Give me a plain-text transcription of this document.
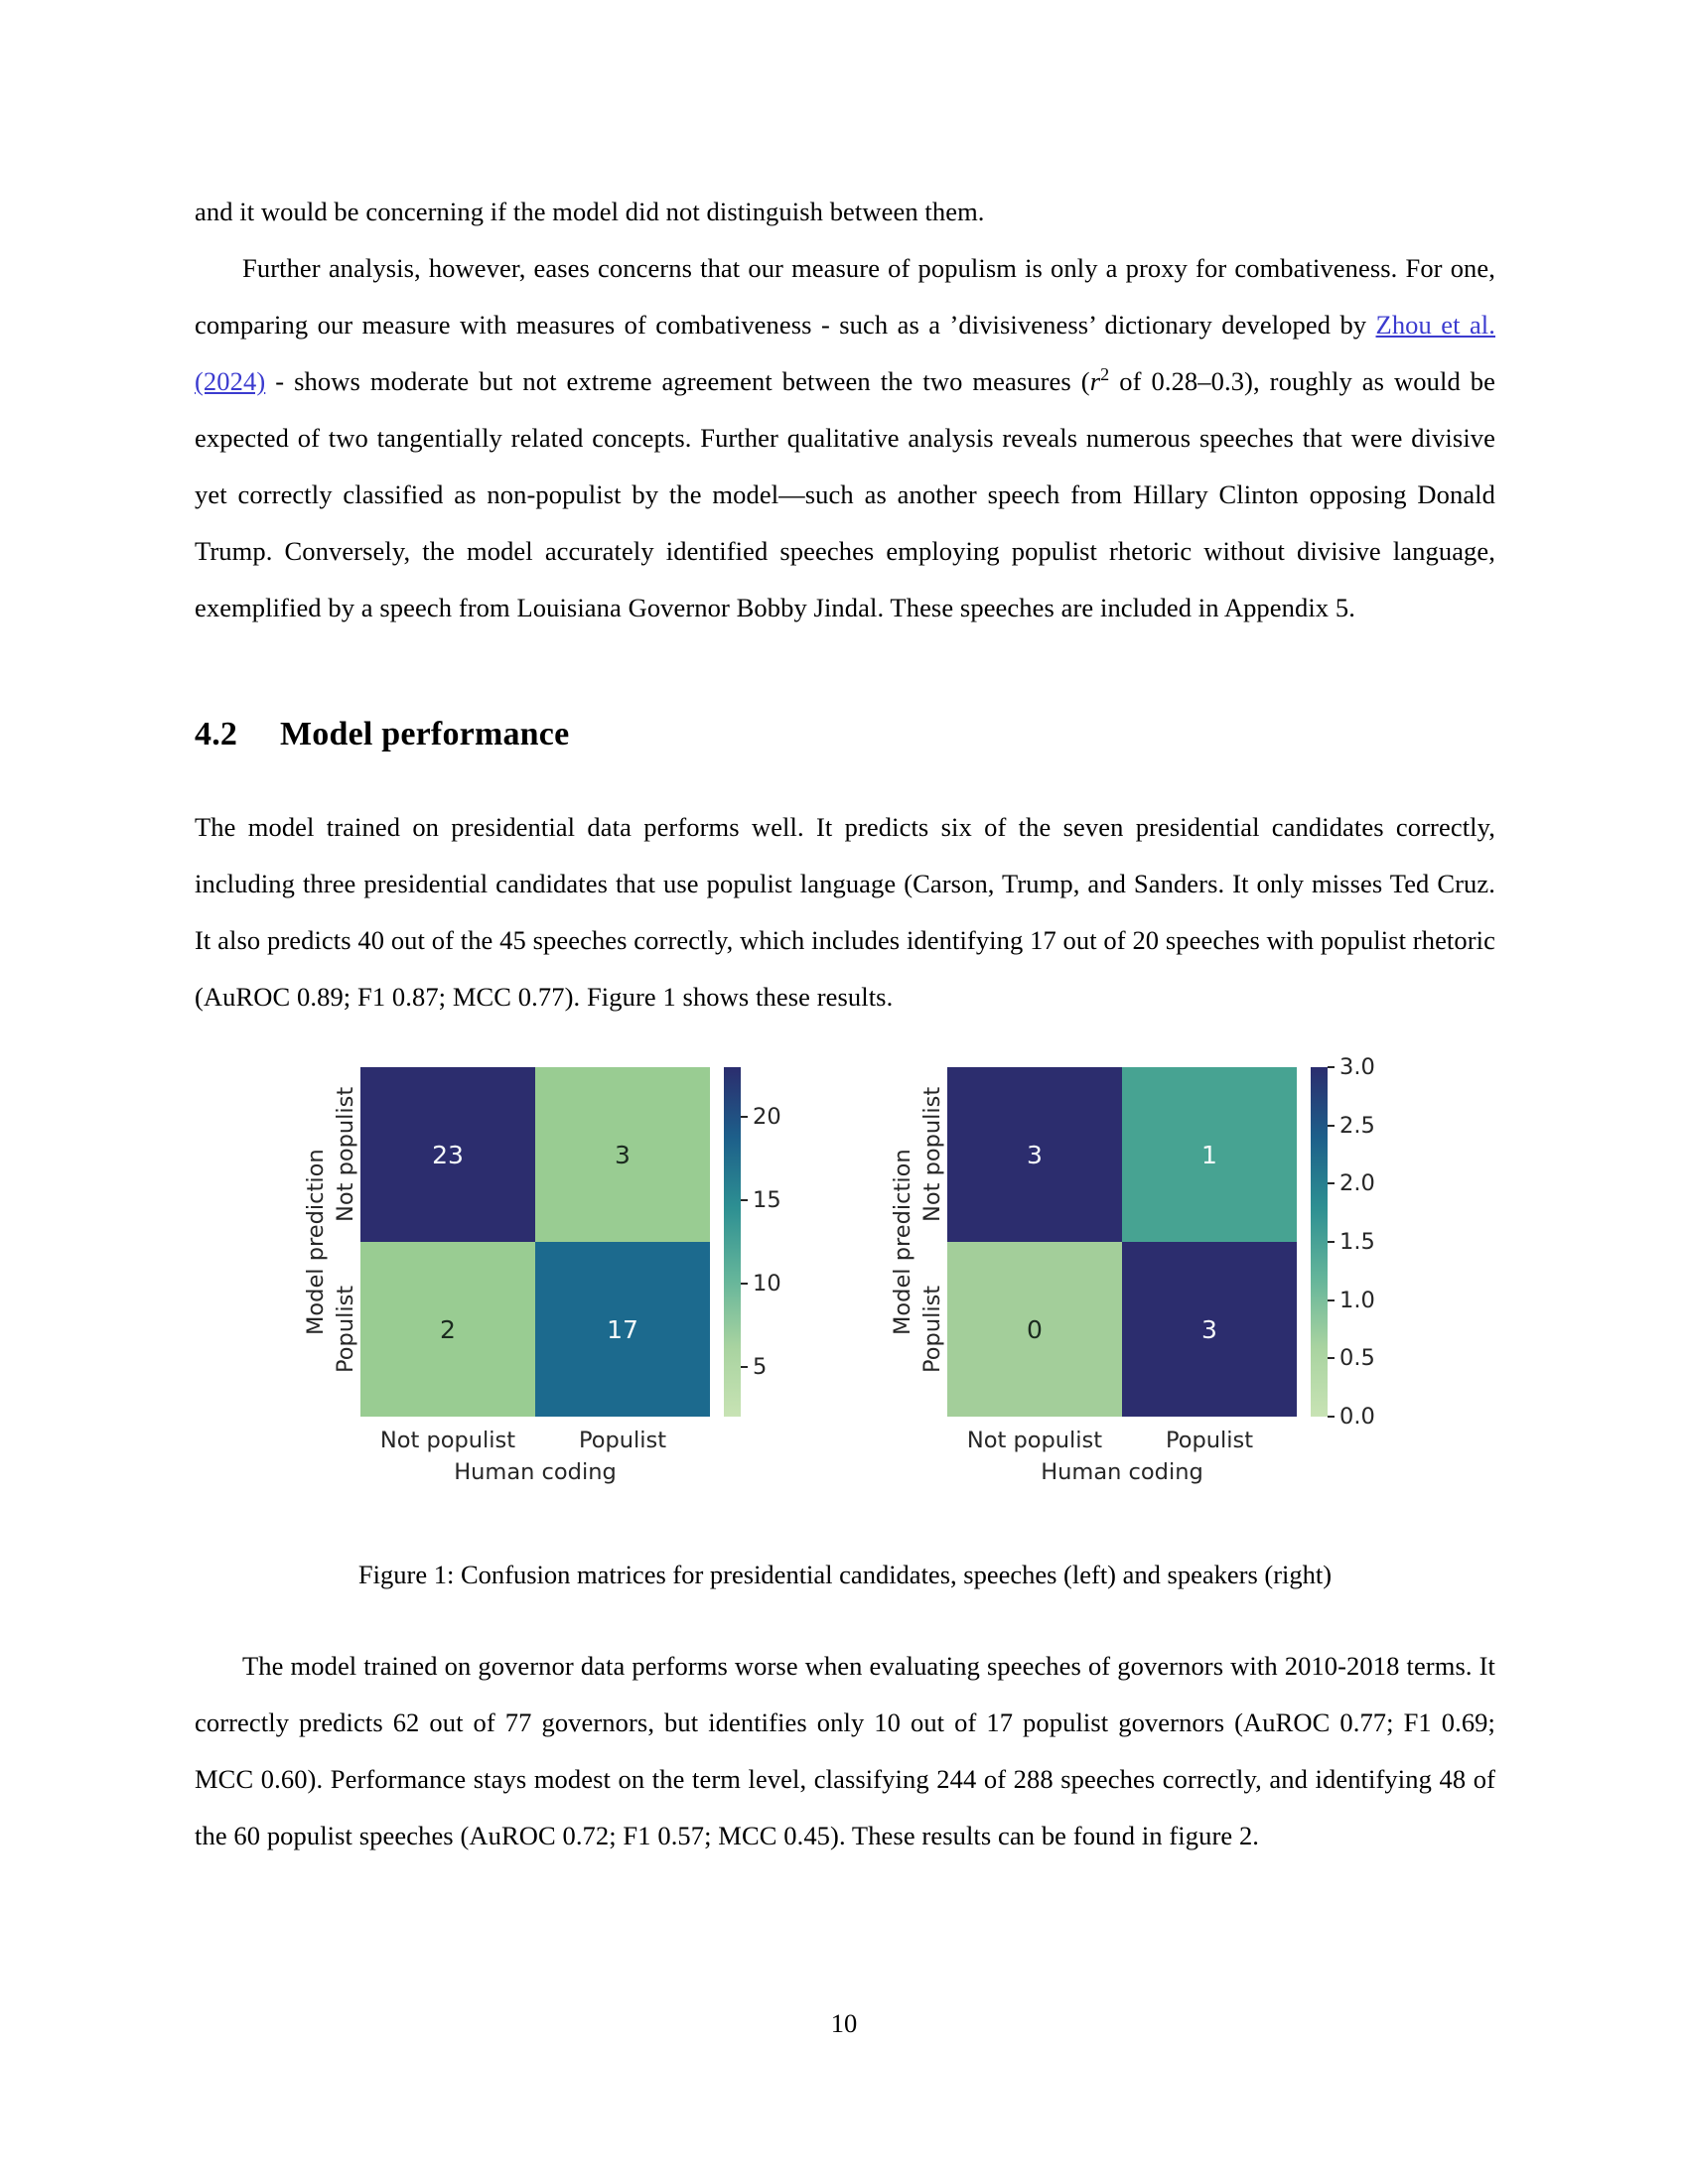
and it would be concerning if the model did not distinguish between them.

Further analysis, however, eases concerns that our measure of populism is only a proxy for combativeness. For one, comparing our measure with measures of combativeness - such as a ’divisiveness’ dictionary developed by Zhou et al. (2024) - shows moderate but not extreme agreement between the two measures ($r^2$ of 0.28–0.3), roughly as would be expected of two tangentially related concepts. Further qualitative analysis reveals numerous speeches that were divisive yet correctly classified as non-populist by the model—such as another speech from Hillary Clinton opposing Donald Trump. Conversely, the model accurately identified speeches employing populist rhetoric without divisive language, exemplified by a speech from Louisiana Governor Bobby Jindal. These speeches are included in Appendix 5.

4.2 Model performance

The model trained on presidential data performs well. It predicts six of the seven presidential candidates correctly, including three presidential candidates that use populist language (Carson, Trump, and Sanders. It only misses Ted Cruz. It also predicts 40 out of the 45 speeches correctly, which includes identifying 17 out of 20 speeches with populist rhetoric (AuROC 0.89; F1 0.87; MCC 0.77). Figure 1 shows these results.

Model prediction Not populist
Populist
23	3
2	17
Not populist	Populist
Human coding
5
10
15
20
Model prediction Not populist
Populist
3	1
0	3
Not populist	Populist
Human coding
0.0
0.5
1.0
1.5
2.0
2.5
3.0
Figure 1: Confusion matrices for presidential candidates, speeches (left) and speakers (right)

The model trained on governor data performs worse when evaluating speeches of governors with 2010-2018 terms. It correctly predicts 62 out of 77 governors, but identifies only 10 out of 17 populist governors (AuROC 0.77; F1 0.69; MCC 0.60). Performance stays modest on the term level, classifying 244 of 288 speeches correctly, and identifying 48 of the 60 populist speeches (AuROC 0.72; F1 0.57; MCC 0.45). These results can be found in figure 2.

10
